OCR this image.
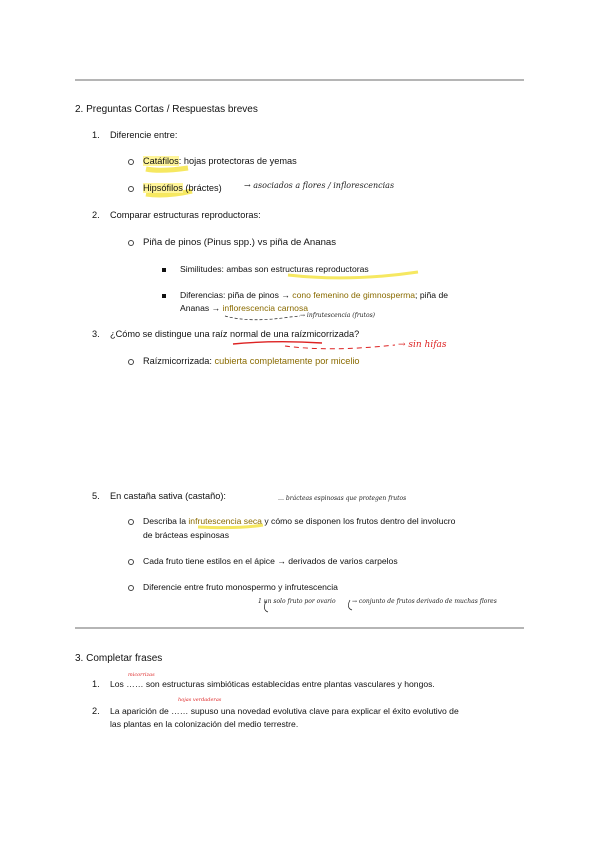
2. Preguntas Cortas / Respuestas breves
1. Diferencie entre:
Catáfilos: hojas protectoras de yemas
Hipsófilos (bráctes)	→ asociados a flores / inflorescencias
2. Comparar estructuras reproductoras:
Piña de pinos (Pinus spp.) vs piña de Ananas
Similitudes: ambas son estructuras reproductoras
Diferencias: piña de pinos → cono femenino de gimnosperma; piña de
Ananas → inflorescencia carnosa
→ infrutescencia (frutos)
3. ¿Cómo se distingue una raíz normal de una raízmicorrizada?
→ sin hifas
Raízmicorrizada: cubierta completamente por micelio
5. En castaña sativa (castaño):	… brácteas espinosas que protegen frutos
Describa la infrutescencia seca y cómo se disponen los frutos dentro del involucro
de brácteas espinosas
Cada fruto tiene estilos en el ápice → derivados de varios carpelos
Diferencie entre fruto monospermo y infrutescencia
1 un solo fruto por ovario	→ conjunto de frutos derivado de muchas flores
3. Completar frases
1. Los …… son estructuras simbióticas establecidas entre plantas vasculares y hongos.
micorrizas
2. La aparición de …… supuso una novedad evolutiva clave para explicar el éxito evolutivo de
las plantas en la colonización del medio terrestre.
hojas verdaderas
